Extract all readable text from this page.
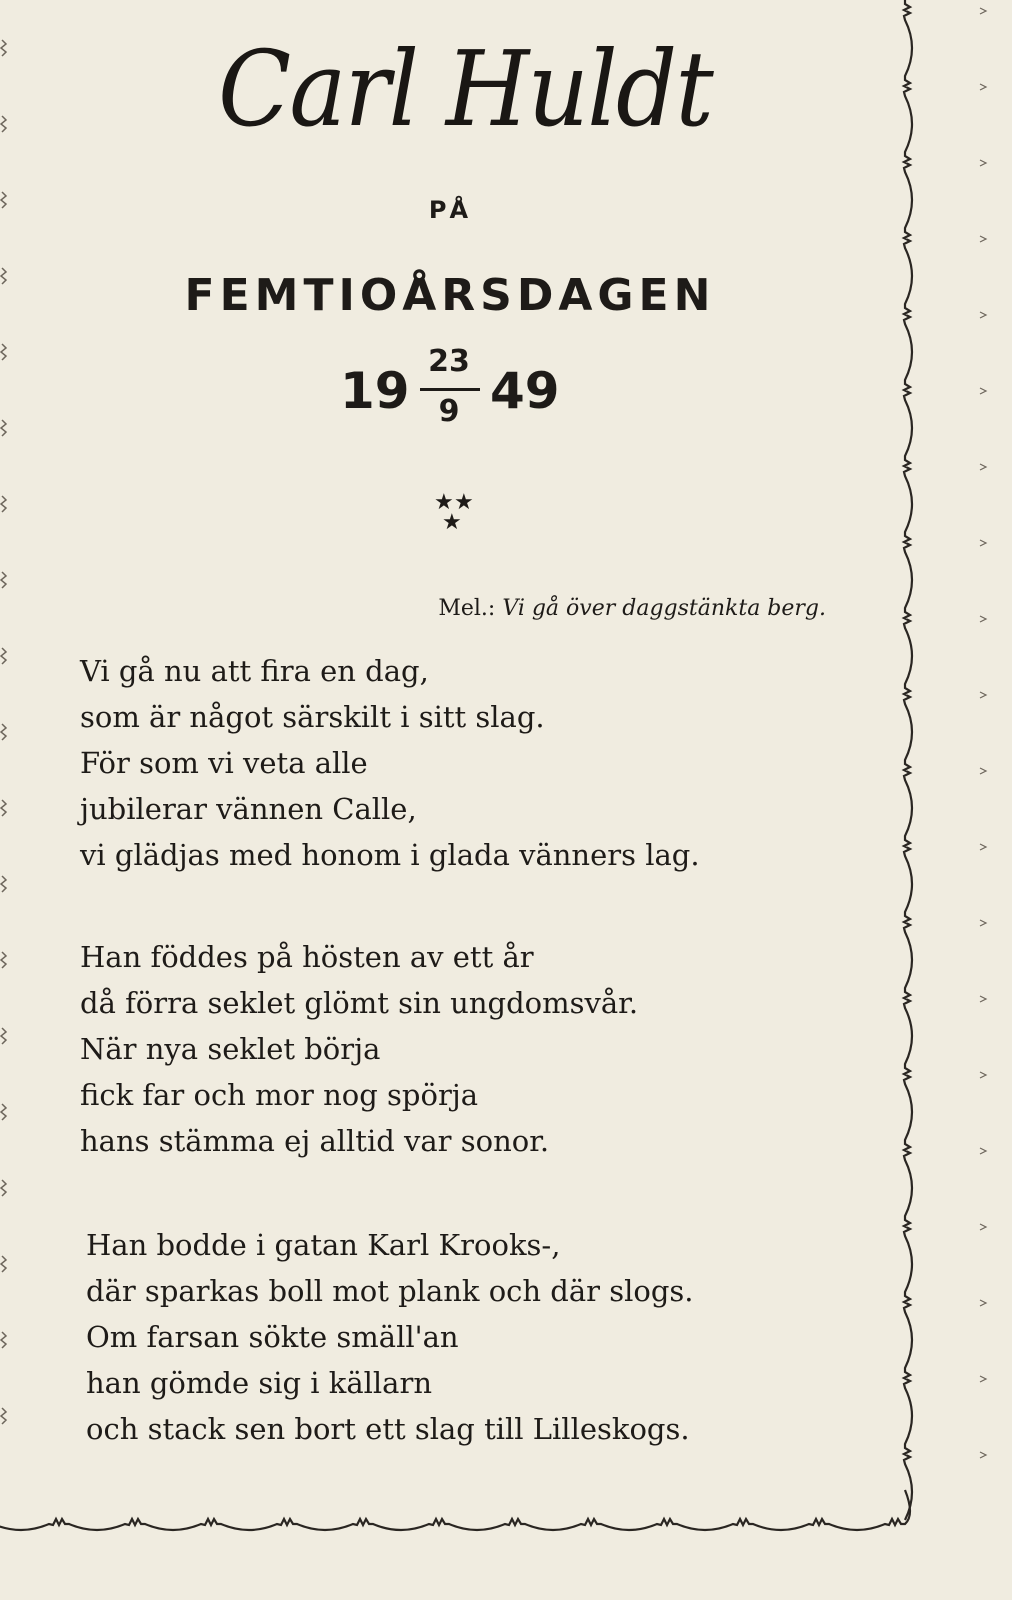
Carl Huldt
PÅ
FEMTIOÅRSDAGEN
19
23
9 49
★ ★
★
Mel.: Vi gå över daggstänkta berg.
Vi gå nu att fira en dag,
som är något särskilt i sitt slag.
För som vi veta alle
jubilerar vännen Calle,
vi glädjas med honom i glada vänners lag.
Han föddes på hösten av ett år
då förra seklet glömt sin ungdomsvår.
När nya seklet börja
fick far och mor nog spörja
hans stämma ej alltid var sonor.
Han bodde i gatan Karl Krooks-,
där sparkas boll mot plank och där slogs.
Om farsan sökte smäll'an
han gömde sig i källarn
och stack sen bort ett slag till Lilleskogs.
